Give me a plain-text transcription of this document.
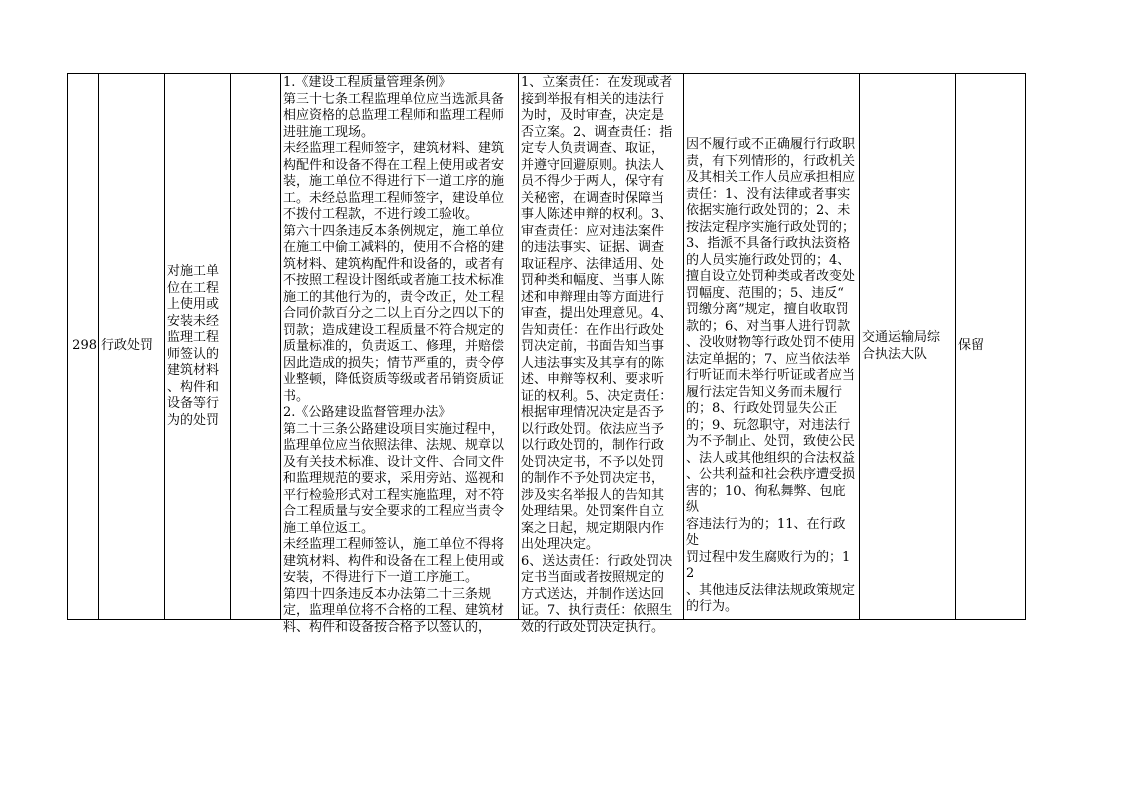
298 行政处罚

对施工单
位在工程
上使用或
安装未经
监理工程
师签认的
建筑材料
、构件和
设备等行
为的处罚

1.《建设工程质量管理条例》
第三十七条工程监理单位应当选派具备
相应资格的总监理工程师和监理工程师
进驻施工现场。
未经监理工程师签字，建筑材料、建筑
构配件和设备不得在工程上使用或者安
装，施工单位不得进行下一道工序的施
工。未经总监理工程师签字，建设单位
不拨付工程款，不进行竣工验收。
第六十四条违反本条例规定，施工单位
在施工中偷工减料的，使用不合格的建
筑材料、建筑构配件和设备的，或者有
不按照工程设计图纸或者施工技术标准
施工的其他行为的，责令改正，处工程
合同价款百分之二以上百分之四以下的
罚款；造成建设工程质量不符合规定的
质量标准的，负责返工、修理，并赔偿
因此造成的损失；情节严重的，责令停
业整顿，降低资质等级或者吊销资质证
书。
2.《公路建设监督管理办法》
第二十三条公路建设项目实施过程中，
监理单位应当依照法律、法规、规章以
及有关技术标准、设计文件、合同文件
和监理规范的要求，采用旁站、巡视和
平行检验形式对工程实施监理，对不符
合工程质量与安全要求的工程应当责令
施工单位返工。
未经监理工程师签认，施工单位不得将
建筑材料、构件和设备在工程上使用或
安装，不得进行下一道工序施工。
第四十四条违反本办法第二十三条规
定，监理单位将不合格的工程、建筑材
料、构件和设备按合格予以签认的，

1、立案责任：在发现或者
接到举报有相关的违法行
为时，及时审查，决定是
否立案。2、调查责任：指
定专人负责调查、取证，
并遵守回避原则。执法人
员不得少于两人，保守有
关秘密，在调查时保障当
事人陈述申辩的权利。3、
审查责任：应对违法案件
的违法事实、证据、调查
取证程序、法律适用、处
罚种类和幅度、当事人陈
述和申辩理由等方面进行
审查，提出处理意见。4、
告知责任：在作出行政处
罚决定前，书面告知当事
人违法事实及其享有的陈
述、申辩等权利、要求听
证的权利。5、决定责任：
根据审理情况决定是否予
以行政处罚。依法应当予
以行政处罚的，制作行政
处罚决定书，不予以处罚
的制作不予处罚决定书，
涉及实名举报人的告知其
处理结果。处罚案件自立
案之日起，规定期限内作
出处理决定。
6、送达责任：行政处罚决
定书当面或者按照规定的
方式送达，并制作送达回
证。7、执行责任：依照生
效的行政处罚决定执行。

因不履行或不正确履行行政职
责，有下列情形的，行政机关
及其相关工作人员应承担相应
责任：1、没有法律或者事实
依据实施行政处罚的；2、未
按法定程序实施行政处罚的；
3、指派不具备行政执法资格
的人员实施行政处罚的；4、
擅自设立处罚种类或者改变处
罚幅度、范围的；5、违反“
罚缴分离”规定，擅自收取罚
款的；6、对当事人进行罚款
、没收财物等行政处罚不使用
法定单据的；7、应当依法举
行听证而未举行听证或者应当
履行法定告知义务而未履行
的；8、行政处罚显失公正
的；9、玩忽职守，对违法行
为不予制止、处罚，致使公民
、法人或其他组织的合法权益
、公共利益和社会秩序遭受损
害的；10、徇私舞弊、包庇纵
容违法行为的；11、在行政处
罚过程中发生腐败行为的；12
、其他违反法律法规政策规定
的行为。

交通运输局综
合执法大队

保留
